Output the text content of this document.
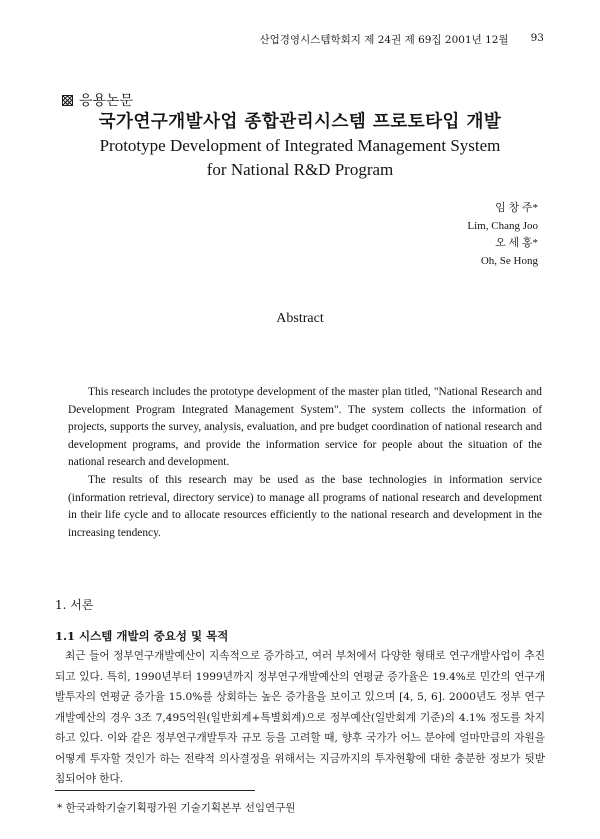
산업경영시스템학회지 제 24권 제 69집 2001년 12월 93
응용논문
국가연구개발사업 종합관리시스템 프로토타입 개발
Prototype Development of Integrated Management System
for National R&D Program
임 창 주*
Lim, Chang Joo
오 세 홍*
Oh, Se Hong
Abstract

This research includes the prototype development of the master plan titled, "National Research and Development Program Integrated Management System". The system collects the information of projects, supports the survey, analysis, evaluation, and pre budget coordination of national research and development programs, and provide the information service for people about the situation of the national research and development.

The results of this research may be used as the base technologies in information service (information retrieval, directory service) to manage all programs of national research and development in their life cycle and to allocate resources efficiently to the national research and development in the increasing tendency.

1. 서론
1.1 시스템 개발의 중요성 및 목적

최근 들어 정부연구개발예산이 지속적으로 증가하고, 여러 부처에서 다양한 형태로 연구개발사업이 추진되고 있다. 특히, 1990년부터 1999년까지 정부연구개발예산의 연평균 증가율은 19.4%로 민간의 연구개발투자의 연평균 증가율 15.0%를 상회하는 높은 증가율을 보이고 있으며 [4, 5, 6]. 2000년도 정부 연구개발예산의 경우 3조 7,495억원(일반회계+특별회계)으로 정부예산(일반회계 기준)의 4.1% 정도를 차지하고 있다. 이와 같은 정부연구개발투자 규모 등을 고려할 때, 향후 국가가 어느 분야에 얼마만큼의 자원을 어떻게 투자할 것인가 하는 전략적 의사결정을 위해서는 지금까지의 투자현황에 대한 충분한 정보가 뒷받침되어야 한다.

* 한국과학기술기획평가원 기술기획본부 선임연구원
